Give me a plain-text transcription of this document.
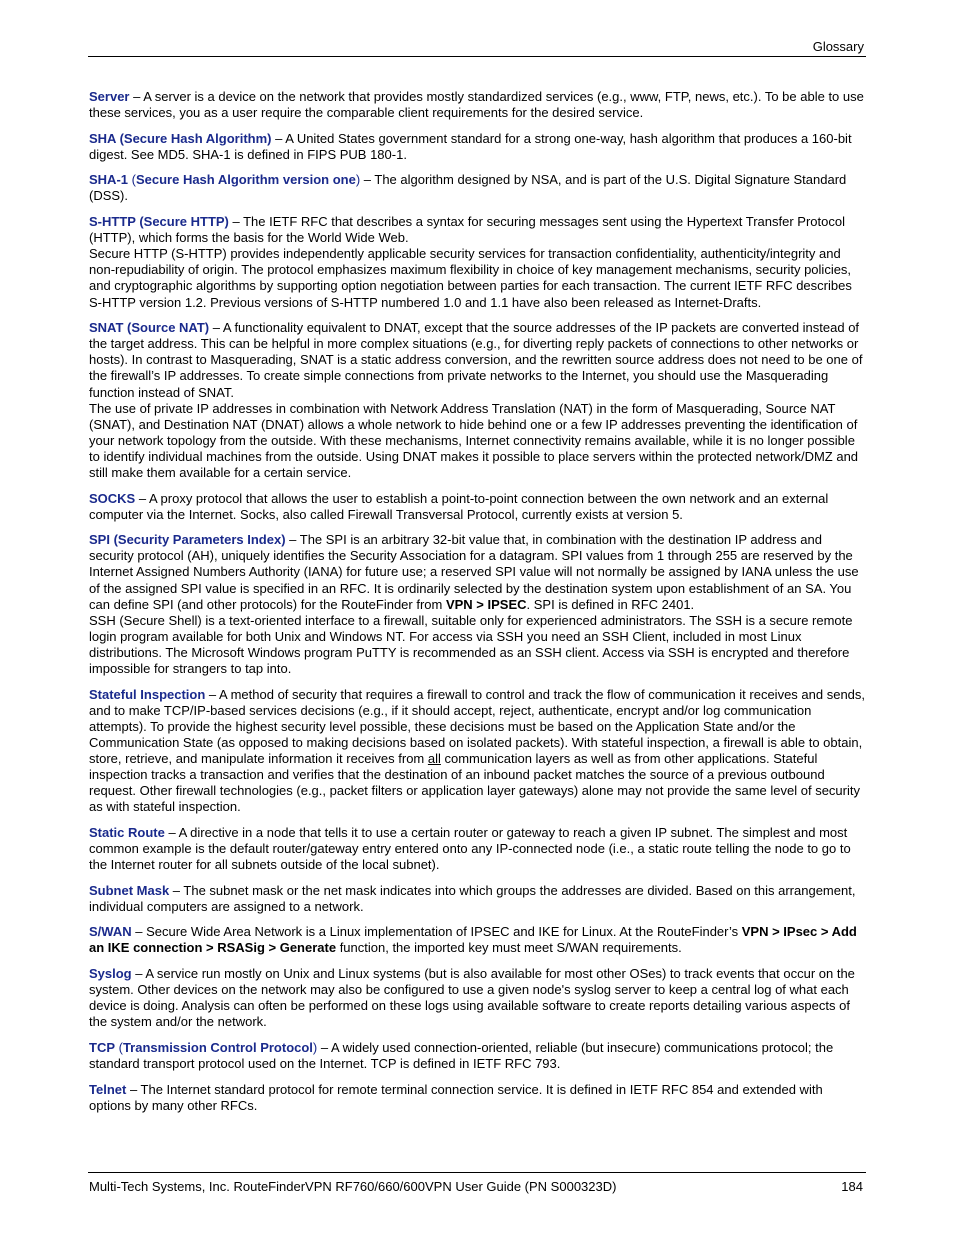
Glossary

Server – A server is a device on the network that provides mostly standardized services (e.g., www, FTP, news, etc.). To be able to use these services, you as a user require the comparable client requirements for the desired service.

SHA (Secure Hash Algorithm) – A United States government standard for a strong one-way, hash algorithm that produces a 160-bit digest. See MD5. SHA-1 is defined in FIPS PUB 180-1.

SHA-1 (Secure Hash Algorithm version one) – The algorithm designed by NSA, and is part of the U.S. Digital Signature Standard (DSS).

S-HTTP (Secure HTTP) – The IETF RFC that describes a syntax for securing messages sent using the Hypertext Transfer Protocol (HTTP), which forms the basis for the World Wide Web.

Secure HTTP (S-HTTP) provides independently applicable security services for transaction confidentiality, authenticity/integrity and non-repudiability of origin. The protocol emphasizes maximum flexibility in choice of key management mechanisms, security policies, and cryptographic algorithms by supporting option negotiation between parties for each transaction. The current IETF RFC describes S-HTTP version 1.2. Previous versions of S-HTTP numbered 1.0 and 1.1 have also been released as Internet-Drafts.

SNAT (Source NAT) – A functionality equivalent to DNAT, except that the source addresses of the IP packets are converted instead of the target address. This can be helpful in more complex situations (e.g., for diverting reply packets of connections to other networks or hosts). In contrast to Masquerading, SNAT is a static address conversion, and the rewritten source address does not need to be one of the firewall’s IP addresses. To create simple connections from private networks to the Internet, you should use the Masquerading function instead of SNAT.

The use of private IP addresses in combination with Network Address Translation (NAT) in the form of Masquerading, Source NAT (SNAT), and Destination NAT (DNAT) allows a whole network to hide behind one or a few IP addresses preventing the identification of your network topology from the outside. With these mechanisms, Internet connectivity remains available, while it is no longer possible to identify individual machines from the outside. Using DNAT makes it possible to place servers within the protected network/DMZ and still make them available for a certain service.

SOCKS – A proxy protocol that allows the user to establish a point-to-point connection between the own network and an external computer via the Internet. Socks, also called Firewall Transversal Protocol, currently exists at version 5.

SPI (Security Parameters Index) – The SPI is an arbitrary 32-bit value that, in combination with the destination IP address and security protocol (AH), uniquely identifies the Security Association for a datagram. SPI values from 1 through 255 are reserved by the Internet Assigned Numbers Authority (IANA) for future use; a reserved SPI value will not normally be assigned by IANA unless the use of the assigned SPI value is specified in an RFC. It is ordinarily selected by the destination system upon establishment of an SA. You can define SPI (and other protocols) for the RouteFinder from VPN > IPSEC. SPI is defined in RFC 2401.

SSH (Secure Shell) is a text-oriented interface to a firewall, suitable only for experienced administrators. The SSH is a secure remote login program available for both Unix and Windows NT. For access via SSH you need an SSH Client, included in most Linux distributions. The Microsoft Windows program PuTTY is recommended as an SSH client. Access via SSH is encrypted and therefore impossible for strangers to tap into.

Stateful Inspection – A method of security that requires a firewall to control and track the flow of communication it receives and sends, and to make TCP/IP-based services decisions (e.g., if it should accept, reject, authenticate, encrypt and/or log communication attempts). To provide the highest security level possible, these decisions must be based on the Application State and/or the Communication State (as opposed to making decisions based on isolated packets). With stateful inspection, a firewall is able to obtain, store, retrieve, and manipulate information it receives from all communication layers as well as from other applications. Stateful inspection tracks a transaction and verifies that the destination of an inbound packet matches the source of a previous outbound request. Other firewall technologies (e.g., packet filters or application layer gateways) alone may not provide the same level of security as with stateful inspection.

Static Route – A directive in a node that tells it to use a certain router or gateway to reach a given IP subnet. The simplest and most common example is the default router/gateway entry entered onto any IP-connected node (i.e., a static route telling the node to go to the Internet router for all subnets outside of the local subnet).

Subnet Mask – The subnet mask or the net mask indicates into which groups the addresses are divided. Based on this arrangement, individual computers are assigned to a network.

S/WAN – Secure Wide Area Network is a Linux implementation of IPSEC and IKE for Linux. At the RouteFinder’s VPN > IPsec > Add an IKE connection > RSASig > Generate function, the imported key must meet S/WAN requirements.

Syslog – A service run mostly on Unix and Linux systems (but is also available for most other OSes) to track events that occur on the system. Other devices on the network may also be configured to use a given node's syslog server to keep a central log of what each device is doing. Analysis can often be performed on these logs using available software to create reports detailing various aspects of the system and/or the network.

TCP (Transmission Control Protocol) – A widely used connection-oriented, reliable (but insecure) communications protocol; the standard transport protocol used on the Internet. TCP is defined in IETF RFC 793.

Telnet – The Internet standard protocol for remote terminal connection service. It is defined in IETF RFC 854 and extended with options by many other RFCs.

Multi-Tech Systems, Inc. RouteFinderVPN RF760/660/600VPN User Guide (PN S000323D)	184
